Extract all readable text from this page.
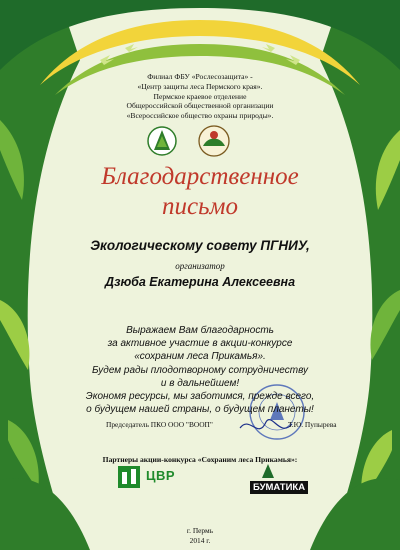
Филиал ФБУ «Рослесозащита» -
«Центр защиты леса Пермского края».
Пермское краевое отделение
Общероссийской общественной организации
«Всероссийское общество охраны природы».
Благодарственное
письмо
Экологическому совету ПГНИУ,
организатор
Дзюба Екатерина Алексеевна
Выражаем Вам благодарность
за активное участие в акции-конкурсе
«сохраним леса Прикамья».
Будем рады плодотворному сотрудничеству
и в дальнейшем!
Экономя ресурсы, мы заботимся, прежде всего,
о будущем нашей страны, о будущем планеты!
Председатель ПКО ООО "ВООП"	Т.Ю. Пупырева
Партнеры акции-конкурса «Сохраним леса Прикамья»:
ЦВР
БУМАТИКА
г. Пермь
2014 г.
